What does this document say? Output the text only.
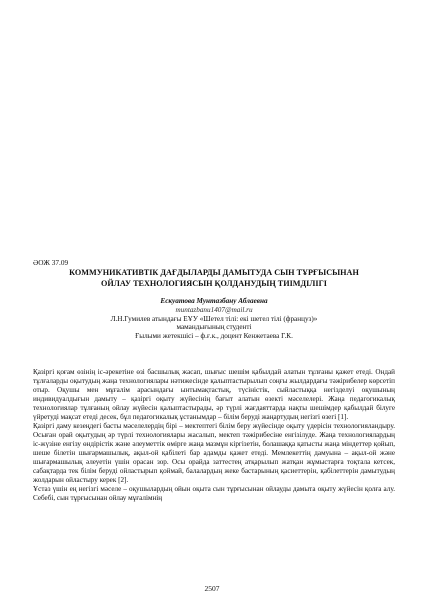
ӘОЖ 37.09
КОММУНИКАТИВТІК ДАҒДЫЛАРДЫ ДАМЫТУДА СЫН ТҰРҒЫСЫНАН
ОЙЛАУ ТЕХНОЛОГИЯСЫН ҚОЛДАНУДЫҢ ТИІМДІЛІГІ
Ескуатова Мунтазбану Аблаевна
muntazbanu1407@mail.ru
Л.Н.Гумилев атындағы ЕҰУ «Шетел тілі: екі шетел тілі (француз)»
мамандығының студенті
Ғылыми жетекшісі – ф.ғ.к., доцент Кенжетаева Г.К.

Қазіргі қоғам өзінің іс-әрекетіне өзі басшылық жасап, шығыс шешім қабылдай алатын тұлғаны қажет етеді. Ондай тұлғаларды оқытудың жаңа технологиялары нәтижесінде қалыптастырылып соңғы жылдардағы тәжірибелер көрсетіп отыр. Оқушы мен мұғалім арасындағы ынтымақтастық, түсіністік, сыйластыққа негізделуі оқушының индивидуалдығын дамыту – қазіргі оқыту жүйесінің бағыт алатын өзекті мәселелері. Жаңа педагогикалық технологиялар тұлғаның ойлау жүйесін қалыптастырады, әр түрлі жағдаяттарда нақты шешімдер қабылдай білуге үйретуді мақсат етеді десек, бұл педагогикалық ұстанымдар – білім беруді жаңартудың негізгі өзегі [1].

Қазіргі даму кезеңдегі басты мәселелердің бірі – мектептегі білім беру жүйесінде оқыту үдерісін технологияландыру. Осыған орай оқытудың әр түрлі технологиялары жасалып, мектеп тәжірибесіне енгізілуде. Жаңа технологиялардың іс-жүзіне енгізу өндірістік және әлеуметтік өмірге жаңа мазмұн кіргізетін, болашаққа қатысты жаңа міндеттер қойып, шеше білетін шығармашылық, ақыл-ой қабілеті бар адамды қажет етеді. Мемлекеттің дамуына – ақыл-ой және шығармашылық әлеуетін үшін орасан зор. Осы орайда заттестең атқарылып жатқан жұмыстарға тоқтала кетсек, сабақтарда тек білім беруді ойластырып қоймай, балалардың жеке бастарының қасиеттерін, қабілеттерін дамытудың жолдарын ойластыру керек [2].

Ұстаз үшін ең негізгі мәселе – оқушылардың ойын оқыта сын тұрғысынан ойлауды дамыта оқыту жүйесін қолға алу. Себебі, сын тұрғысынан ойлау мұғалімнің

2507
